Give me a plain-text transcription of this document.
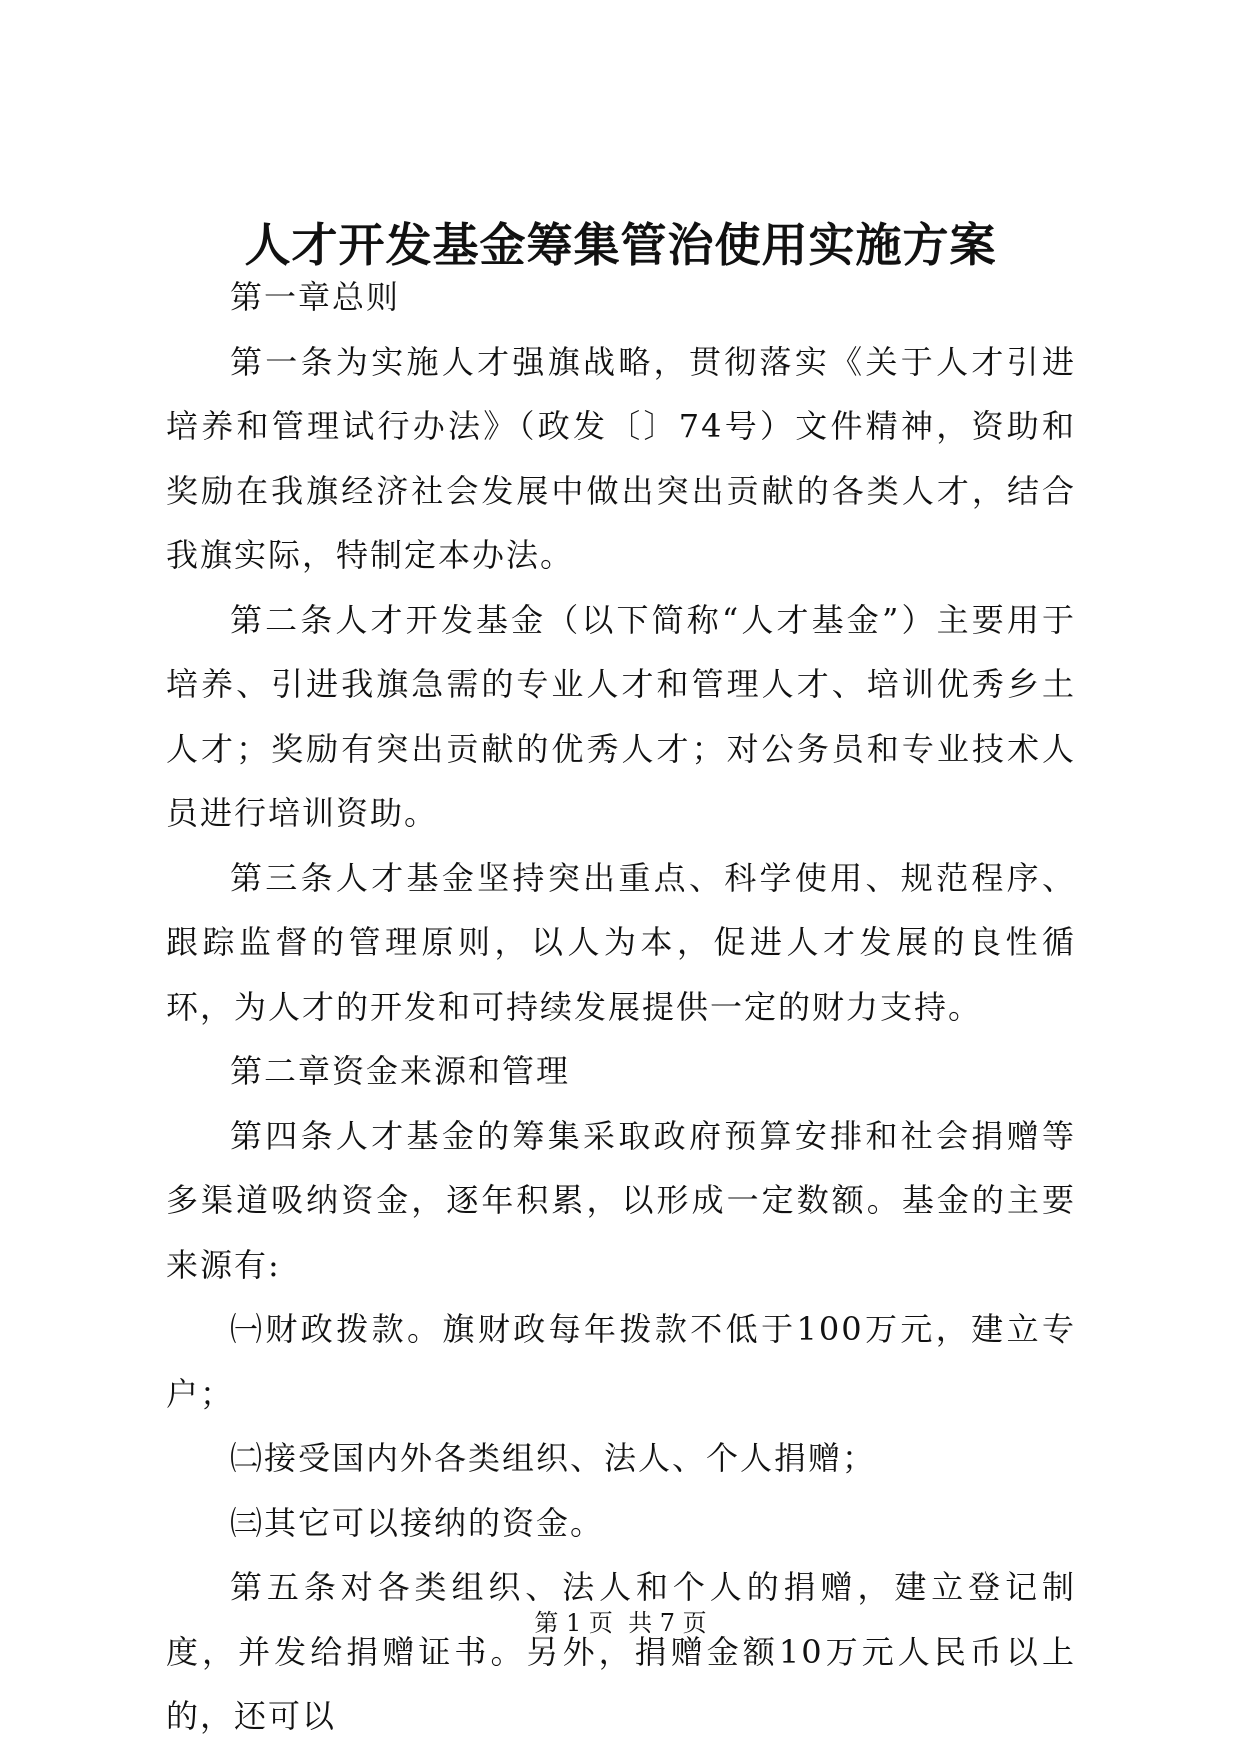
人才开发基金筹集管治使用实施方案

第一章总则

第一条为实施人才强旗战略，贯彻落实《关于人才引进培养和管理试行办法》（政发〔〕74号）文件精神，资助和奖励在我旗经济社会发展中做出突出贡献的各类人才，结合我旗实际，特制定本办法。

第二条人才开发基金（以下简称“人才基金”）主要用于培养、引进我旗急需的专业人才和管理人才、培训优秀乡土人才；奖励有突出贡献的优秀人才；对公务员和专业技术人员进行培训资助。

第三条人才基金坚持突出重点、科学使用、规范程序、跟踪监督的管理原则，以人为本，促进人才发展的良性循环，为人才的开发和可持续发展提供一定的财力支持。

第二章资金来源和管理

第四条人才基金的筹集采取政府预算安排和社会捐赠等多渠道吸纳资金，逐年积累，以形成一定数额。基金的主要来源有:

㈠财政拨款。旗财政每年拨款不低于100万元，建立专户；

㈡接受国内外各类组织、法人、个人捐赠；

㈢其它可以接纳的资金。

第五条对各类组织、法人和个人的捐赠，建立登记制度，并发给捐赠证书。另外，捐赠金额10万元人民币以上的，还可以

第 1 页 共 7 页
